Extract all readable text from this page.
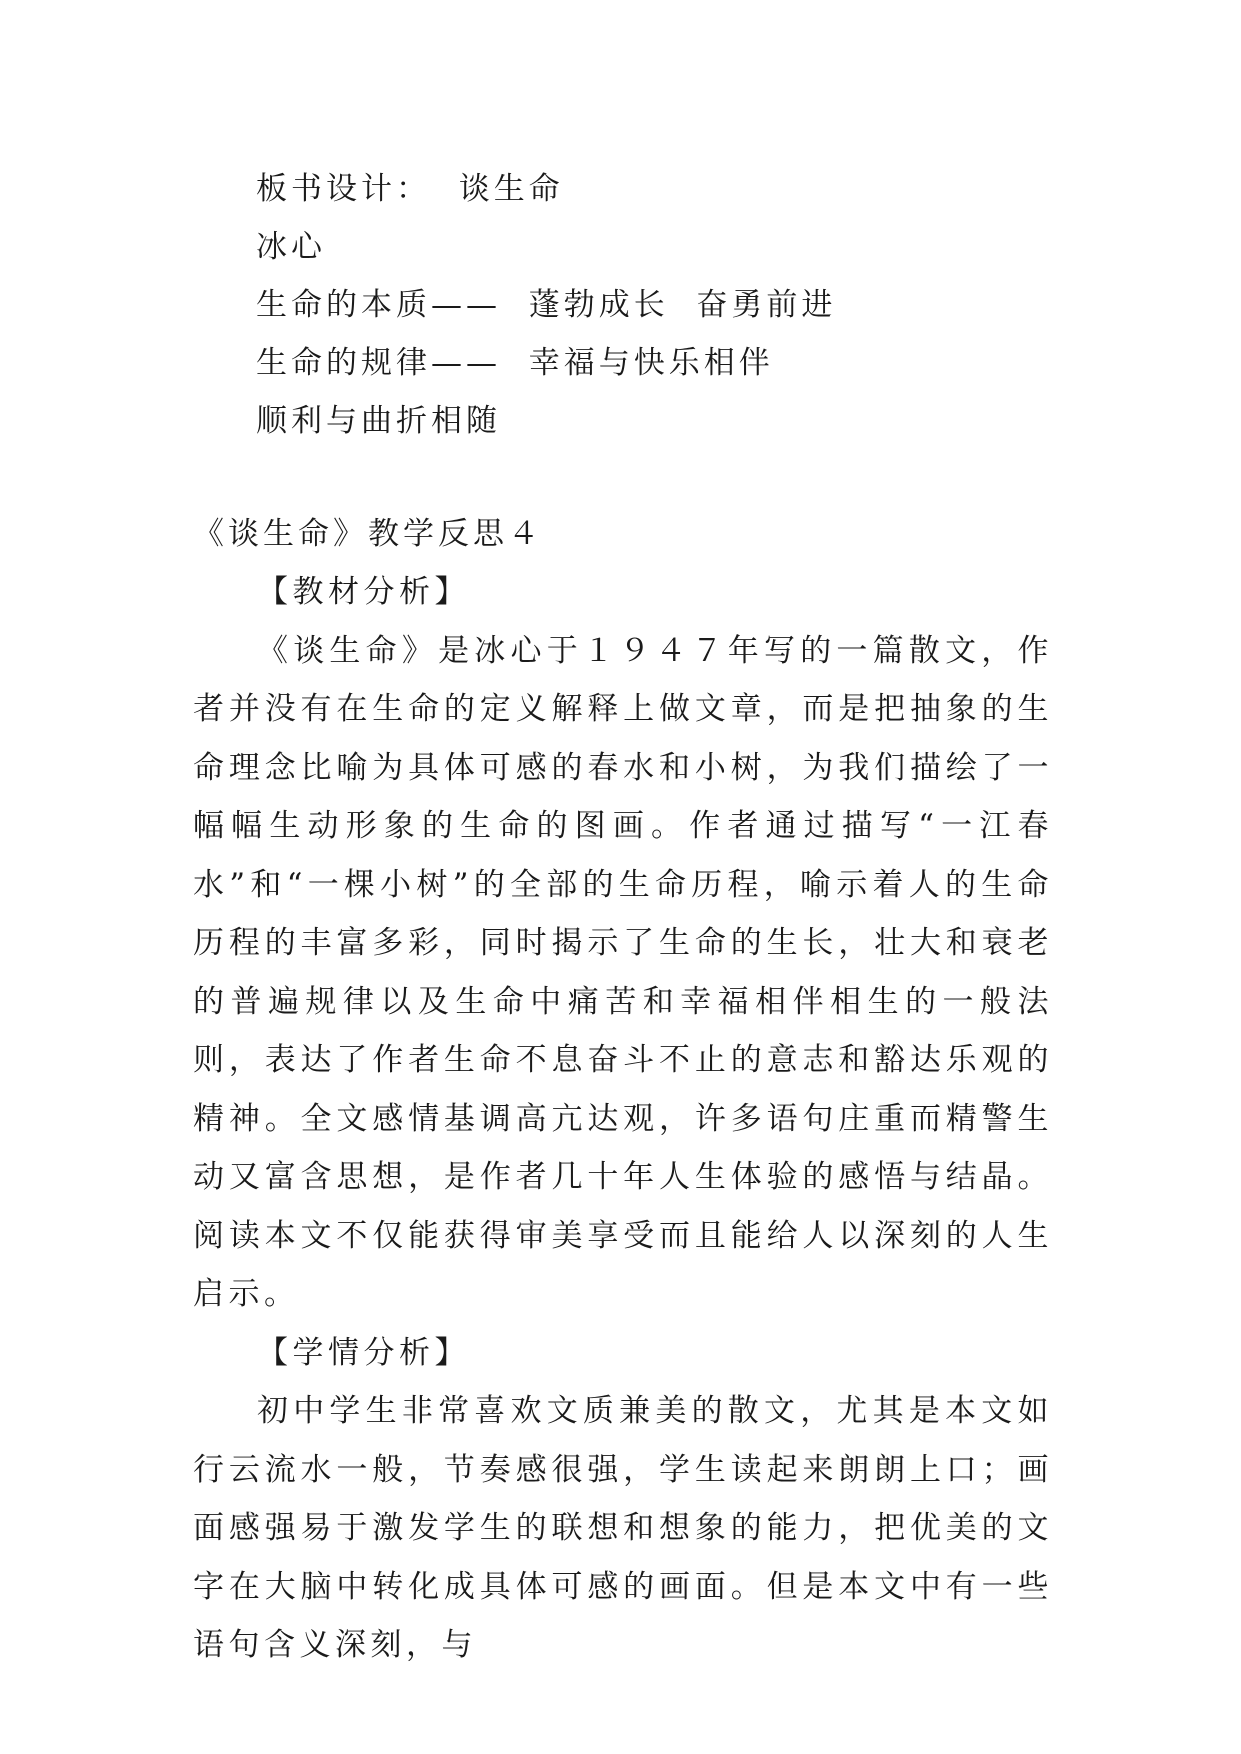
板书设计：  谈生命
冰心
生命的本质——  蓬勃成长  奋勇前进
生命的规律——  幸福与快乐相伴
顺利与曲折相随
《谈生命》教学反思４
【教材分析】

《谈生命》是冰心于１９４７年写的一篇散文，作者并没有在生命的定义解释上做文章，而是把抽象的生命理念比喻为具体可感的春水和小树，为我们描绘了一幅幅生动形象的生命的图画。作者通过描写“一江春水”和“一棵小树”的全部的生命历程，喻示着人的生命历程的丰富多彩，同时揭示了生命的生长，壮大和衰老的普遍规律以及生命中痛苦和幸福相伴相生的一般法则，表达了作者生命不息奋斗不止的意志和豁达乐观的精神。全文感情基调高亢达观，许多语句庄重而精警生动又富含思想，是作者几十年人生体验的感悟与结晶。阅读本文不仅能获得审美享受而且能给人以深刻的人生启示。

【学情分析】

初中学生非常喜欢文质兼美的散文，尤其是本文如行云流水一般，节奏感很强，学生读起来朗朗上口；画面感强易于激发学生的联想和想象的能力，把优美的文字在大脑中转化成具体可感的画面。但是本文中有一些语句含义深刻，与
